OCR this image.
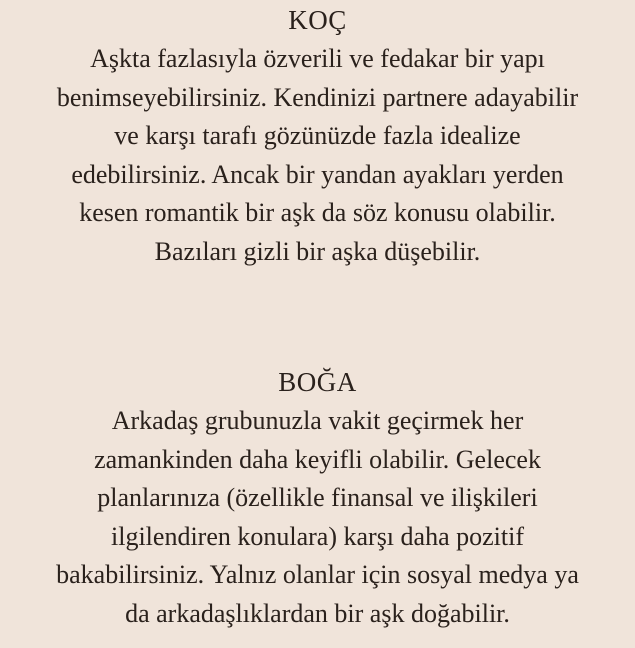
KOÇ

Aşkta fazlasıyla özverili ve fedakar bir yapı

benimseyebilirsiniz. Kendinizi partnere adayabilir

ve karşı tarafı gözünüzde fazla idealize

edebilirsiniz. Ancak bir yandan ayakları yerden

kesen romantik bir aşk da söz konusu olabilir.

Bazıları gizli bir aşka düşebilir.

BOĞA

Arkadaş grubunuzla vakit geçirmek her

zamankinden daha keyifli olabilir. Gelecek

planlarınıza (özellikle finansal ve ilişkileri

ilgilendiren konulara) karşı daha pozitif

bakabilirsiniz. Yalnız olanlar için sosyal medya ya

da arkadaşlıklardan bir aşk doğabilir.
